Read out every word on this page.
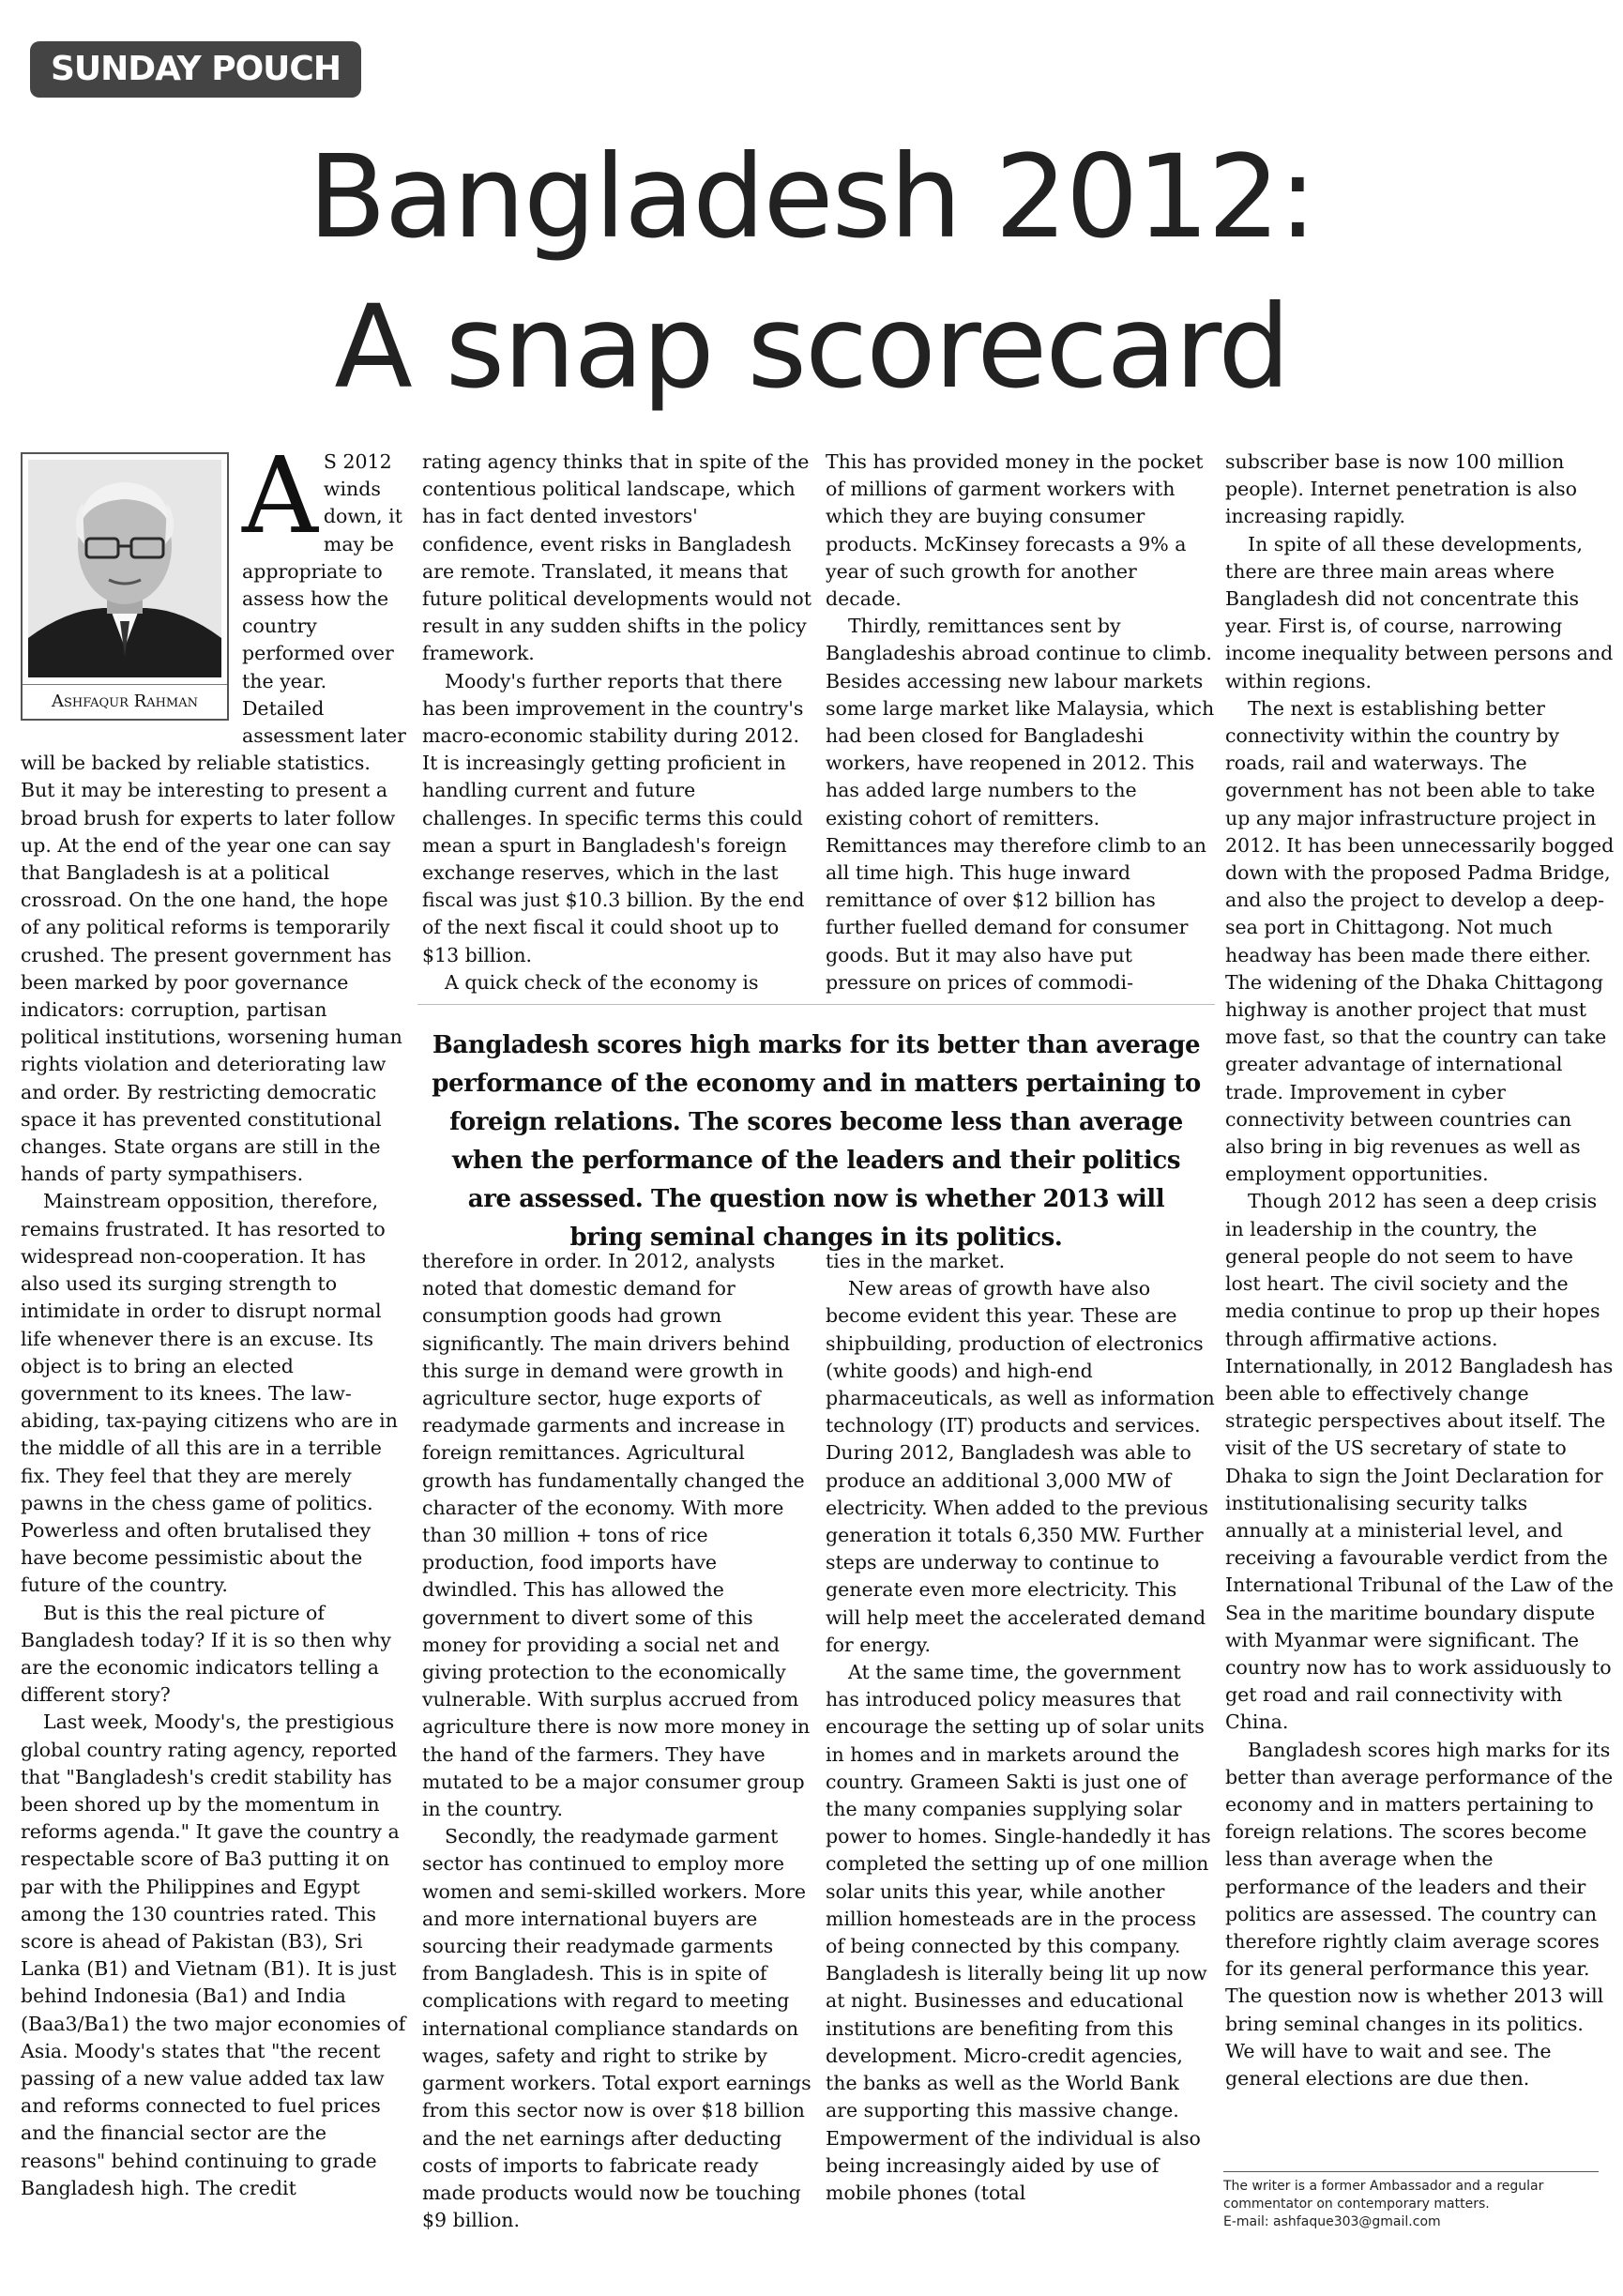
SUNDAY POUCH
Bangladesh 2012:
A snap scorecard
Ashfaqur Rahman
A S 2012 winds down, it may be appropriate to assess how the country performed over the year. Detailed assessment later will be backed by reliable statistics. But it may be interesting to present a broad brush for experts to later follow up. At the end of the year one can say that Bangladesh is at a political crossroad. On the one hand, the hope of any political reforms is temporarily crushed. The present government has been marked by poor governance indicators: corruption, partisan political institutions, worsening human rights violation and deteriorating law and order. By restricting democratic space it has prevented constitutional changes. State organs are still in the hands of party sympathisers.

Mainstream opposition, therefore, remains frustrated. It has resorted to widespread non-cooperation. It has also used its surging strength to intimidate in order to disrupt normal life whenever there is an excuse. Its object is to bring an elected government to its knees. The law-abiding, tax-paying citizens who are in the middle of all this are in a terrible fix. They feel that they are merely pawns in the chess game of politics. Powerless and often brutalised they have become pessimistic about the future of the country.

But is this the real picture of Bangladesh today? If it is so then why are the economic indicators telling a different story?

Last week, Moody's, the prestigious global country rating agency, reported that "Bangladesh's credit stability has been shored up by the momentum in reforms agenda." It gave the country a respectable score of Ba3 putting it on par with the Philippines and Egypt among the 130 countries rated. This score is ahead of Pakistan (B3), Sri Lanka (B1) and Vietnam (B1). It is just behind Indonesia (Ba1) and India (Baa3/Ba1) the two major economies of Asia. Moody's states that "the recent passing of a new value added tax law and reforms connected to fuel prices and the financial sector are the reasons" behind continuing to grade Bangladesh high. The credit

rating agency thinks that in spite of the contentious political landscape, which has in fact dented investors' confidence, event risks in Bangladesh are remote. Translated, it means that future political developments would not result in any sudden shifts in the policy framework.

Moody's further reports that there has been improvement in the country's macro-economic stability during 2012. It is increasingly getting proficient in handling current and future challenges. In specific terms this could mean a spurt in Bangladesh's foreign exchange reserves, which in the last fiscal was just $10.3 billion. By the end of the next fiscal it could shoot up to $13 billion.

A quick check of the economy is

This has provided money in the pocket of millions of garment workers with which they are buying consumer products. McKinsey forecasts a 9% a year of such growth for another decade.

Thirdly, remittances sent by Bangladeshis abroad continue to climb. Besides accessing new labour markets some large market like Malaysia, which had been closed for Bangladeshi workers, have reopened in 2012. This has added large numbers to the existing cohort of remitters. Remittances may therefore climb to an all time high. This huge inward remittance of over $12 billion has further fuelled demand for consumer goods. But it may also have put pressure on prices of commodi-

Bangladesh scores high marks for its better than average performance of the economy and in matters pertaining to foreign relations. The scores become less than average when the performance of the leaders and their politics are assessed. The question now is whether 2013 will bring seminal changes in its politics.

therefore in order. In 2012, analysts noted that domestic demand for consumption goods had grown significantly. The main drivers behind this surge in demand were growth in agriculture sector, huge exports of readymade garments and increase in foreign remittances. Agricultural growth has fundamentally changed the character of the economy. With more than 30 million + tons of rice production, food imports have dwindled. This has allowed the government to divert some of this money for providing a social net and giving protection to the economically vulnerable. With surplus accrued from agriculture there is now more money in the hand of the farmers. They have mutated to be a major consumer group in the country.

Secondly, the readymade garment sector has continued to employ more women and semi-skilled workers. More and more international buyers are sourcing their readymade garments from Bangladesh. This is in spite of complications with regard to meeting international compliance standards on wages, safety and right to strike by garment workers. Total export earnings from this sector now is over $18 billion and the net earnings after deducting costs of imports to fabricate ready made products would now be touching $9 billion.

ties in the market.

New areas of growth have also become evident this year. These are shipbuilding, production of electronics (white goods) and high-end pharmaceuticals, as well as information technology (IT) products and services. During 2012, Bangladesh was able to produce an additional 3,000 MW of electricity. When added to the previous generation it totals 6,350 MW. Further steps are underway to continue to generate even more electricity. This will help meet the accelerated demand for energy.

At the same time, the government has introduced policy measures that encourage the setting up of solar units in homes and in markets around the country. Grameen Sakti is just one of the many companies supplying solar power to homes. Single-handedly it has completed the setting up of one million solar units this year, while another million homesteads are in the process of being connected by this company. Bangladesh is literally being lit up now at night. Businesses and educational institutions are benefiting from this development. Micro-credit agencies, the banks as well as the World Bank are supporting this massive change. Empowerment of the individual is also being increasingly aided by use of mobile phones (total

subscriber base is now 100 million people). Internet penetration is also increasing rapidly.

In spite of all these developments, there are three main areas where Bangladesh did not concentrate this year. First is, of course, narrowing income inequality between persons and within regions.

The next is establishing better connectivity within the country by roads, rail and waterways. The government has not been able to take up any major infrastructure project in 2012. It has been unnecessarily bogged down with the proposed Padma Bridge, and also the project to develop a deep- sea port in Chittagong. Not much headway has been made there either. The widening of the Dhaka Chittagong highway is another project that must move fast, so that the country can take greater advantage of international trade. Improvement in cyber connectivity between countries can also bring in big revenues as well as employment opportunities.

Though 2012 has seen a deep crisis in leadership in the country, the general people do not seem to have lost heart. The civil society and the media continue to prop up their hopes through affirmative actions. Internationally, in 2012 Bangladesh has been able to effectively change strategic perspectives about itself. The visit of the US secretary of state to Dhaka to sign the Joint Declaration for institutionalising security talks annually at a ministerial level, and receiving a favourable verdict from the International Tribunal of the Law of the Sea in the maritime boundary dispute with Myanmar were significant. The country now has to work assiduously to get road and rail connectivity with China.

Bangladesh scores high marks for its better than average performance of the economy and in matters pertaining to foreign relations. The scores become less than average when the performance of the leaders and their politics are assessed. The country can therefore rightly claim average scores for its general performance this year. The question now is whether 2013 will bring seminal changes in its politics. We will have to wait and see. The general elections are due then.

The writer is a former Ambassador and a regular
commentator on contemporary matters.
E-mail: ashfaque303@gmail.com
